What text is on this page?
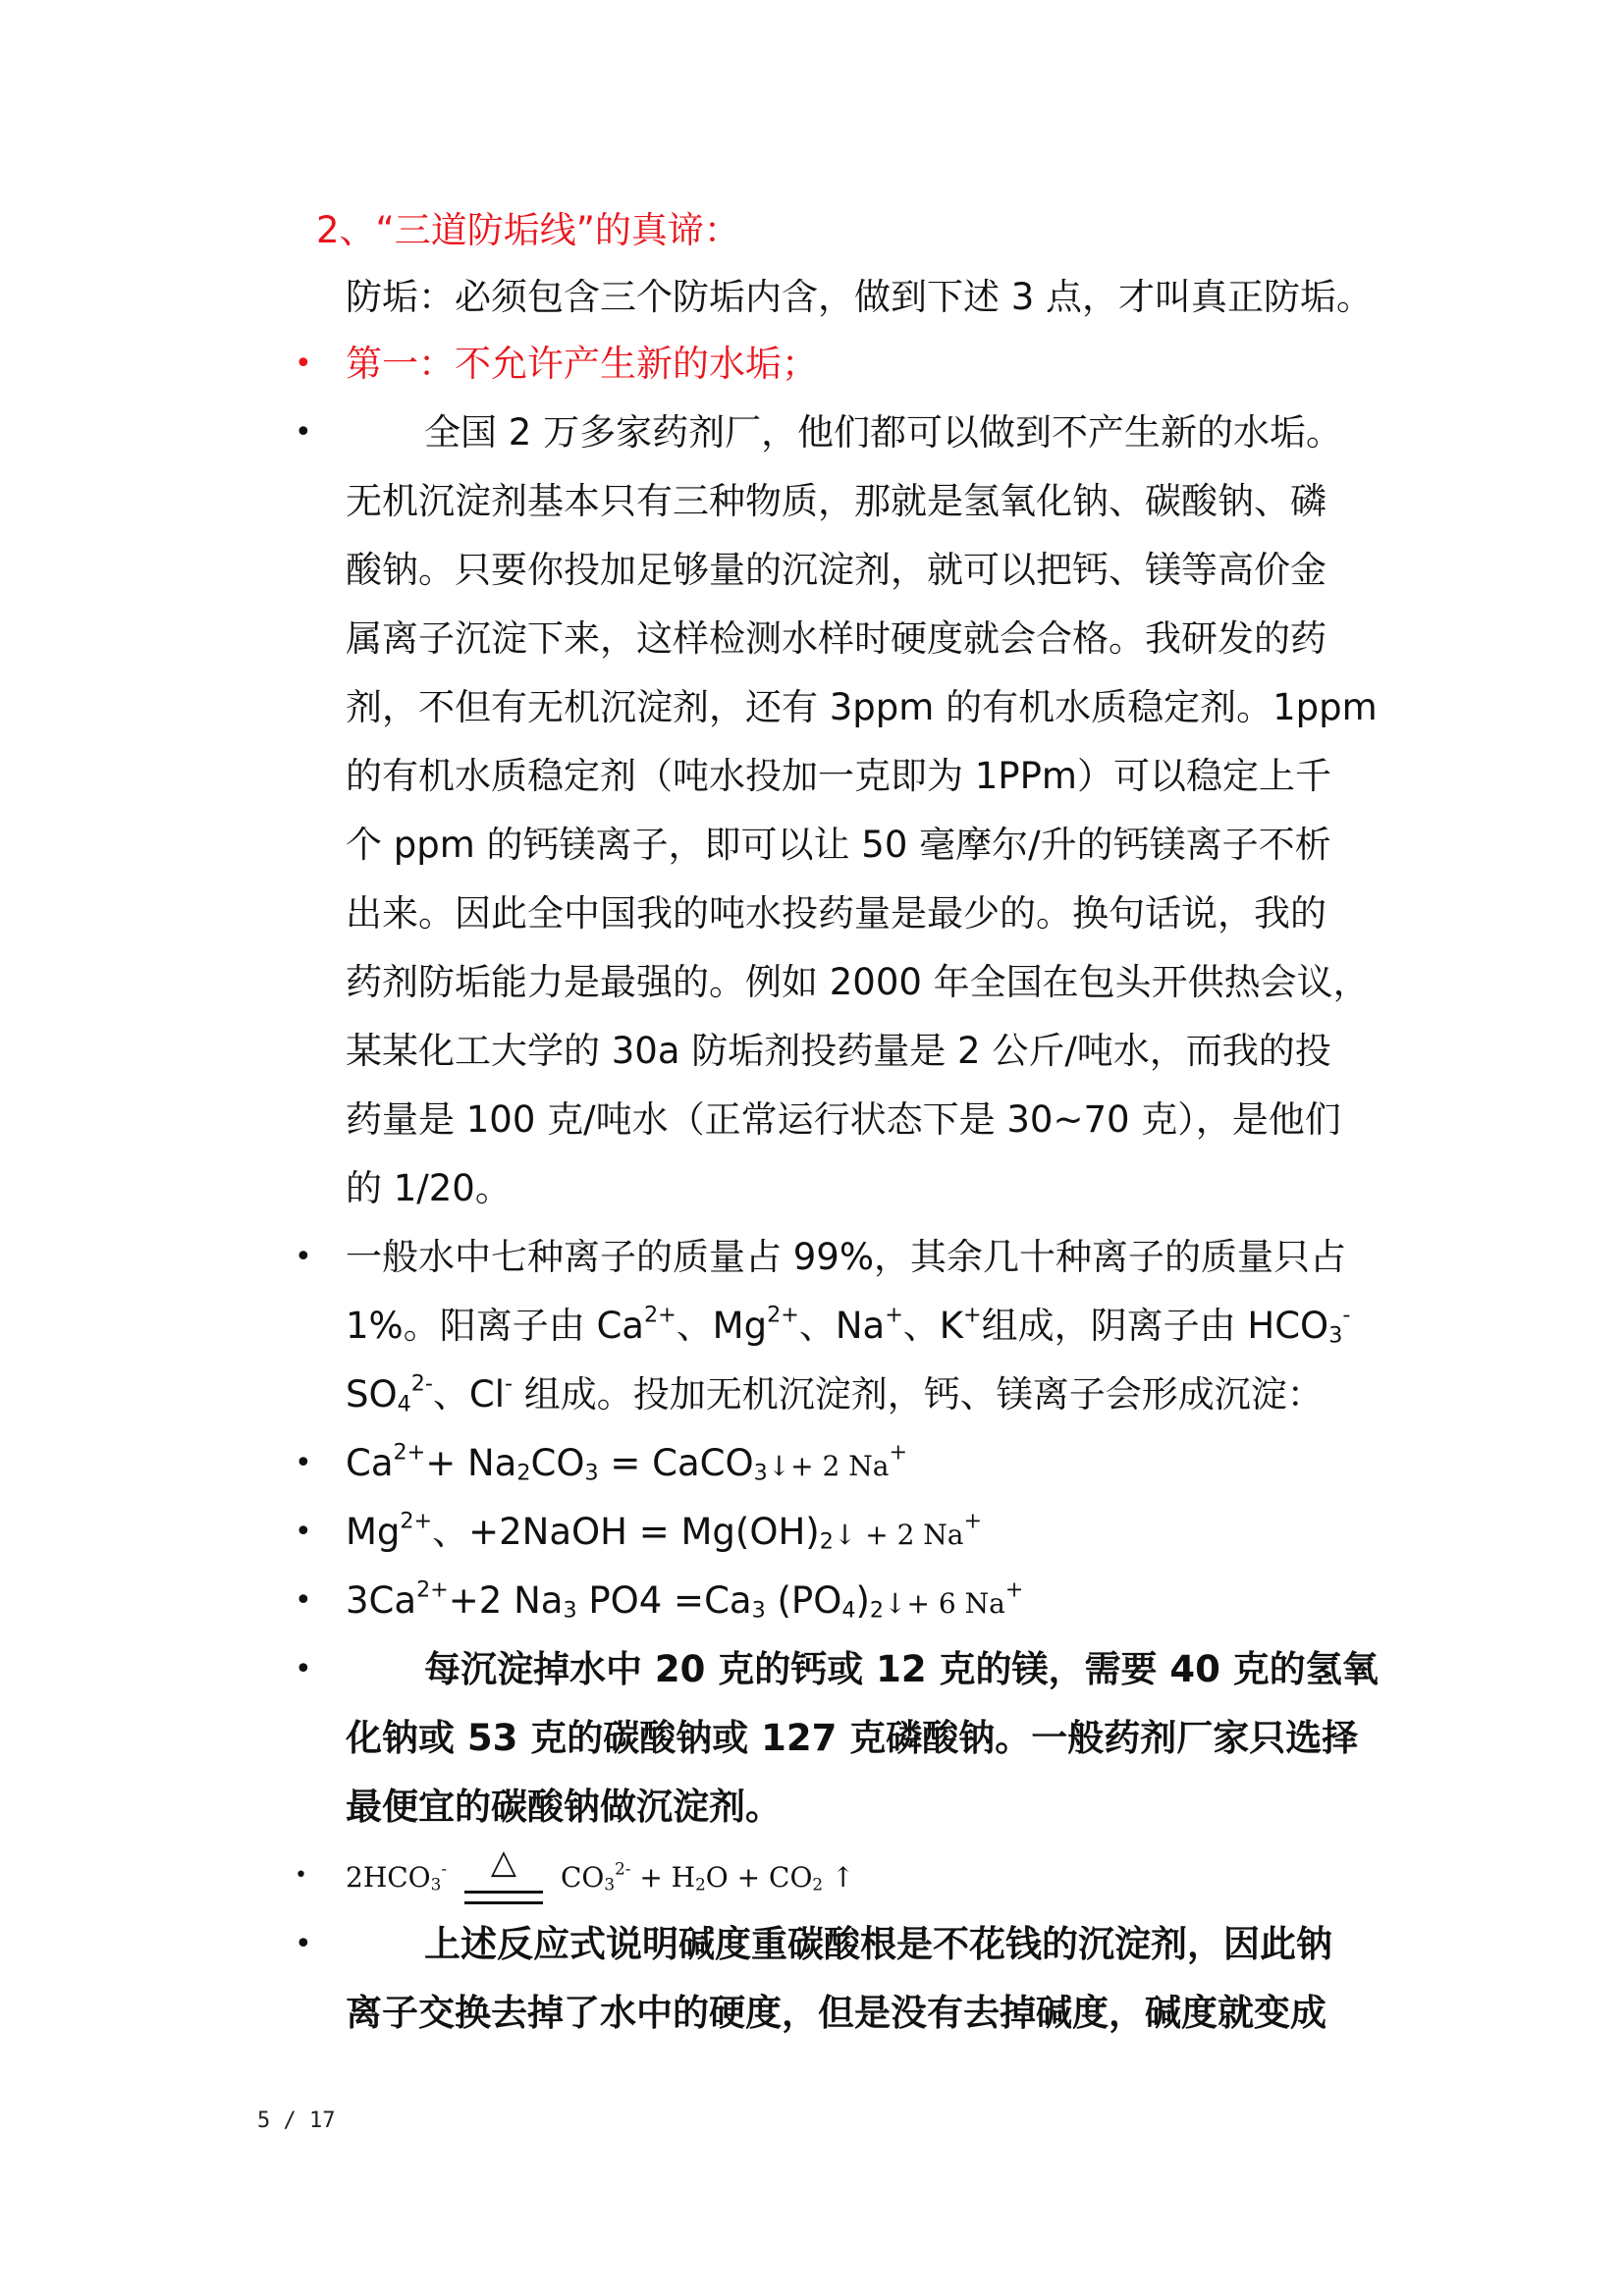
2、“三道防垢线”的真谛：
防垢：必须包含三个防垢内含，做到下述 3 点，才叫真正防垢。
• 第一：不允许产生新的水垢；
•	全国 2 万多家药剂厂，他们都可以做到不产生新的水垢。
无机沉淀剂基本只有三种物质，那就是氢氧化钠、碳酸钠、磷
酸钠。只要你投加足够量的沉淀剂，就可以把钙、镁等高价金
属离子沉淀下来，这样检测水样时硬度就会合格。我研发的药
剂，不但有无机沉淀剂，还有 3ppm 的有机水质稳定剂。1ppm
的有机水质稳定剂（吨水投加一克即为 1PPm）可以稳定上千
个 ppm 的钙镁离子，即可以让 50 毫摩尔/升的钙镁离子不析
出来。因此全中国我的吨水投药量是最少的。换句话说，我的
药剂防垢能力是最强的。例如 2000 年全国在包头开供热会议，
某某化工大学的 30a 防垢剂投药量是 2 公斤/吨水，而我的投
药量是 100 克/吨水（正常运行状态下是 30~70 克），是他们
的 1/20。
• 一般水中七种离子的质量占 99%，其余几十种离子的质量只占
1%。阳离子由 $Ca^{2+}$、$Mg^{2+}$、Na+、K+组成，阴离子由 $HCO_3^-$
$SO_4^{2-}$、Cl- 组成。投加无机沉淀剂，钙、镁离子会形成沉淀：
• $Ca^{2+}+ Na_2CO_3$ = CaCO$_3$↓+ 2 Na+
• $Mg^{2+}$、+2NaOH = $Mg(OH)_2↓ + 2$ Na+
• $3Ca^{2+}+2$ $Na_3$ $PO4 =Ca_3$ $(PO_4)_2↓+ 6$ Na+
•	每沉淀掉水中 20 克的钙或 12 克的镁，需要 40 克的氢氧
化钠或 53 克的碳酸钠或 127 克磷酸钠。一般药剂厂家只选择
最便宜的碳酸钠做沉淀剂。
• $2HCO_3^-$ △ $CO_3^{2-} + H_2O + CO_2$ ↑
•	上述反应式说明碱度重碳酸根是不花钱的沉淀剂，因此钠
离子交换去掉了水中的硬度，但是没有去掉碱度，碱度就变成
5 / 17
